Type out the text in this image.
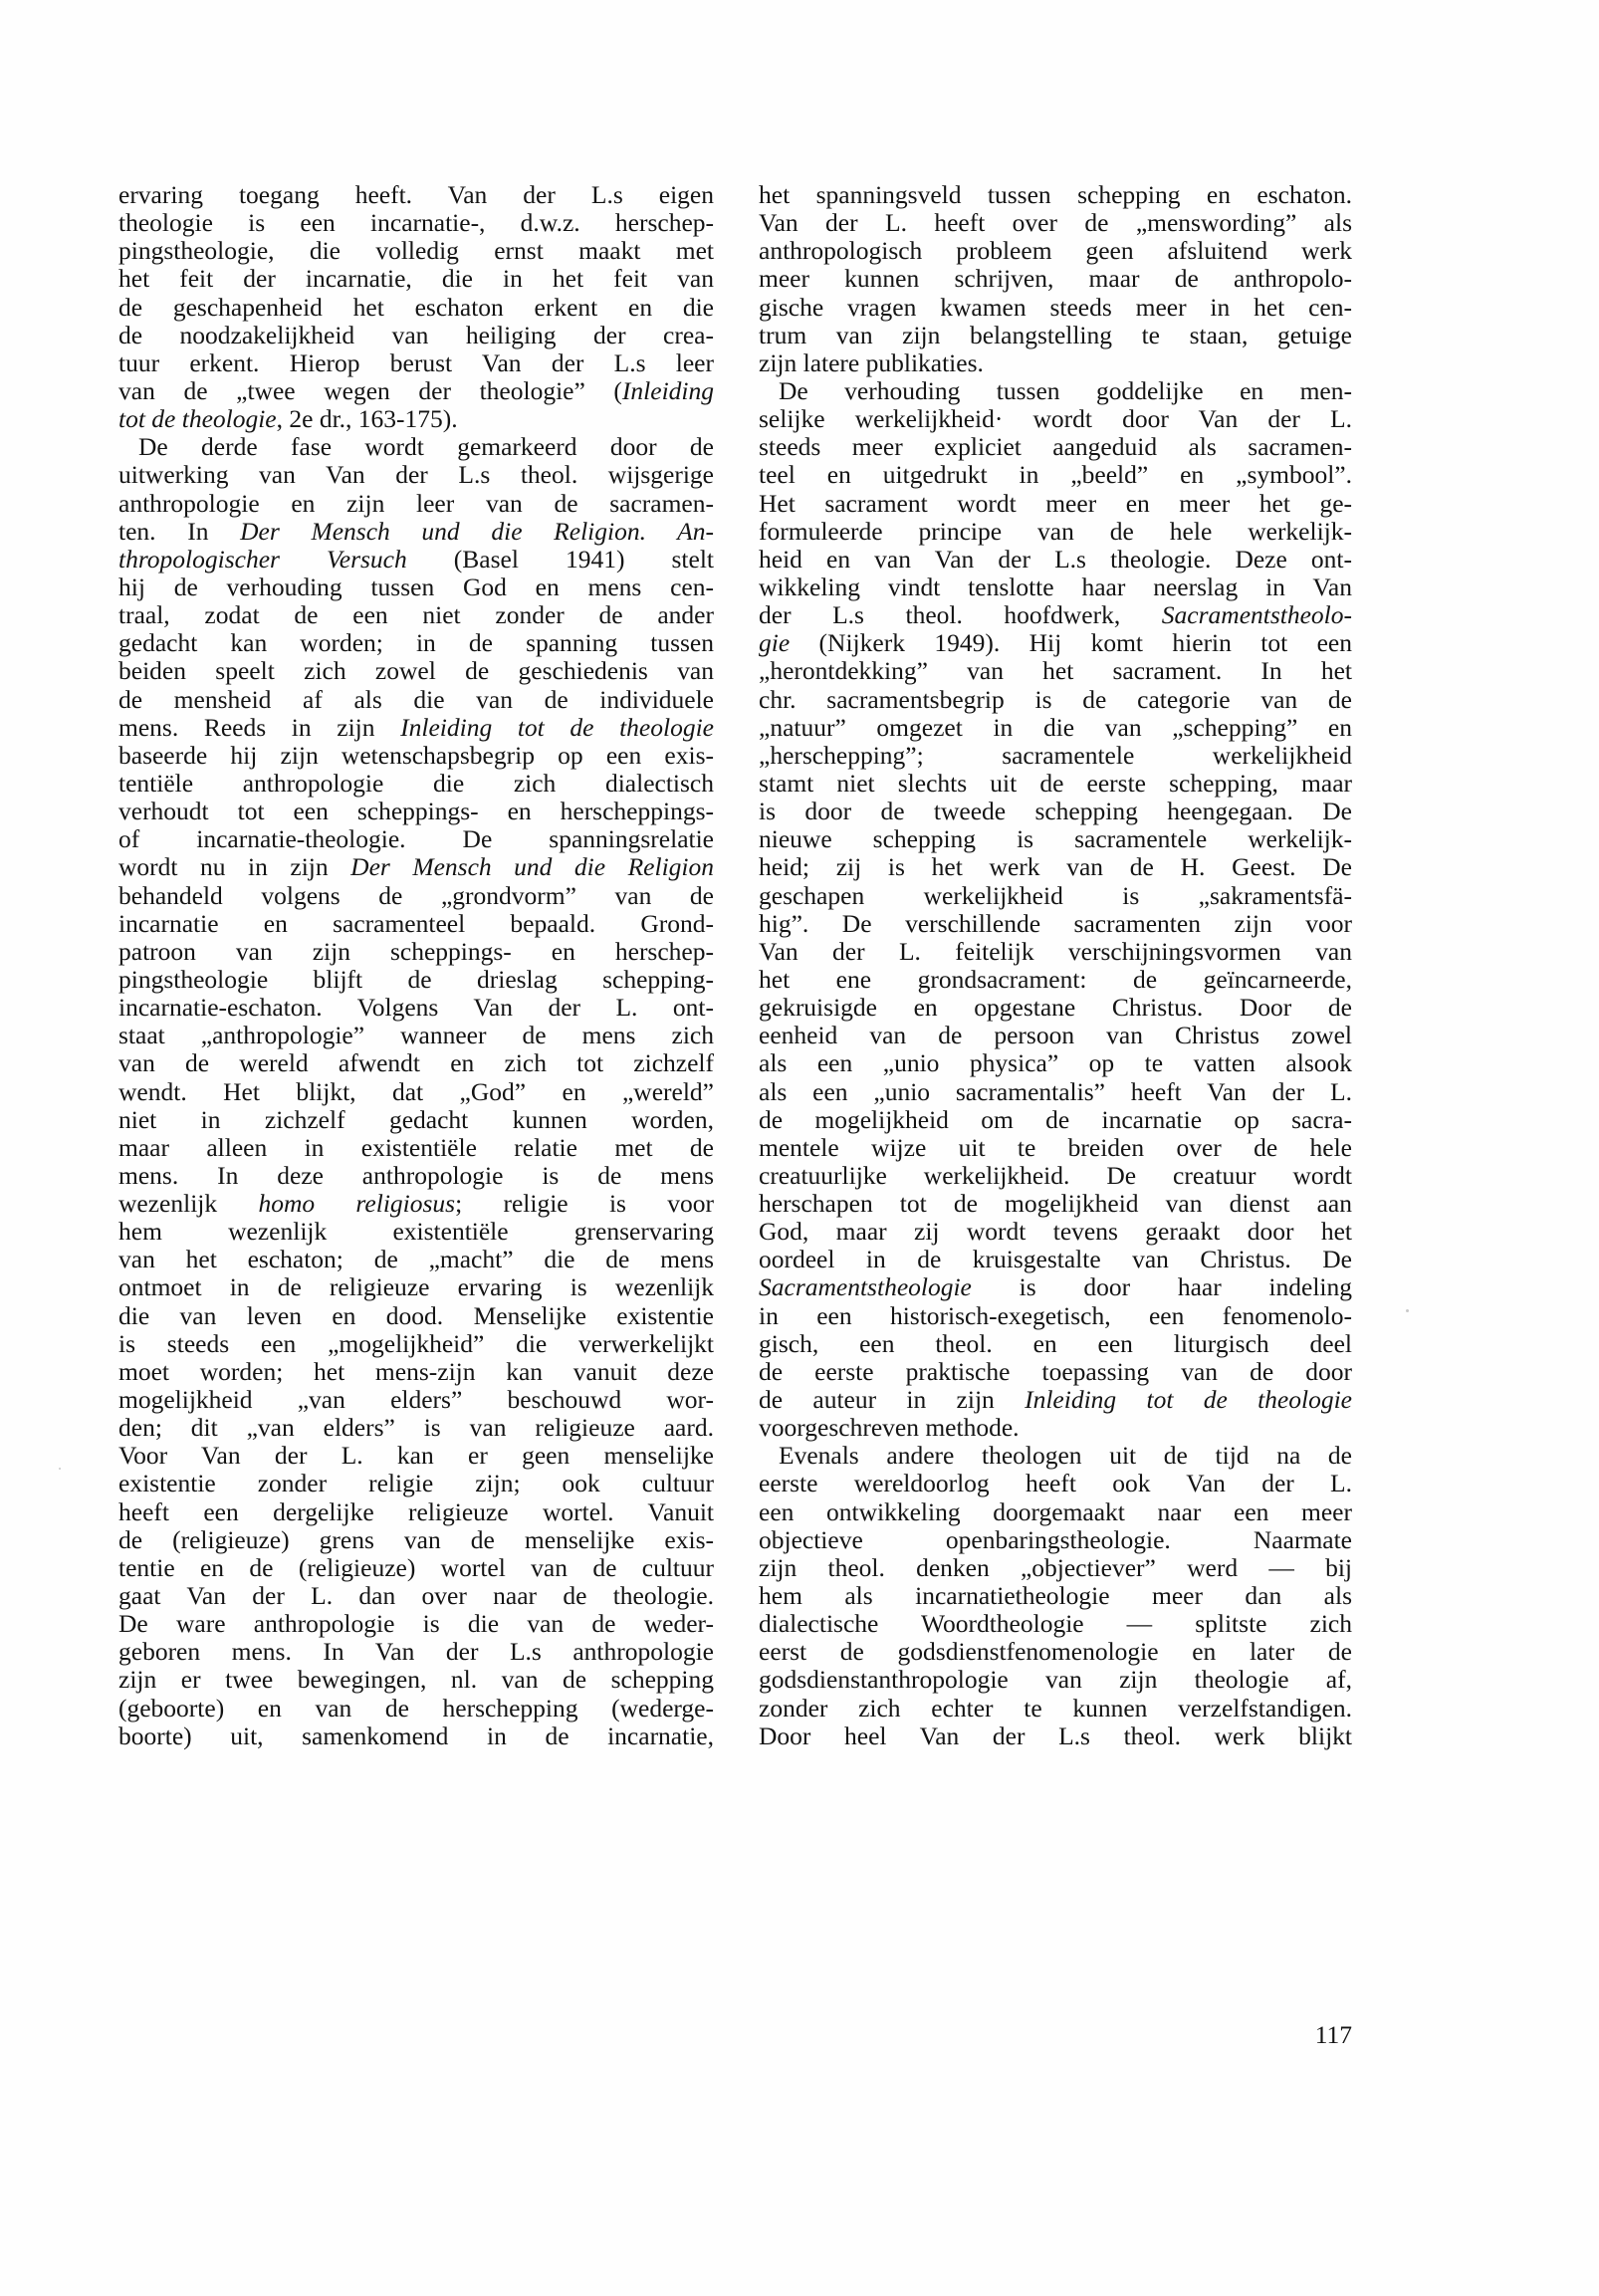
ervaring toegang heeft. Van der L.s eigen
theologie is een incarnatie-, d.w.z. herschep-
pingstheologie, die volledig ernst maakt met
het feit der incarnatie, die in het feit van
de geschapenheid het eschaton erkent en die
de noodzakelijkheid van heiliging der crea-
tuur erkent. Hierop berust Van der L.s leer
van de „twee wegen der theologie” (Inleiding
tot de theologie, 2e dr., 163-175).
De derde fase wordt gemarkeerd door de
uitwerking van Van der L.s theol. wijsgerige
anthropologie en zijn leer van de sacramen-
ten. In Der Mensch und die Religion. An-
thropologischer Versuch (Basel 1941) stelt
hij de verhouding tussen God en mens cen-
traal, zodat de een niet zonder de ander
gedacht kan worden; in de spanning tussen
beiden speelt zich zowel de geschiedenis van
de mensheid af als die van de individuele
mens. Reeds in zijn Inleiding tot de theologie
baseerde hij zijn wetenschapsbegrip op een exis-
tentiële anthropologie die zich dialectisch
verhoudt tot een scheppings- en herscheppings-
of incarnatie-theologie. De spanningsrelatie
wordt nu in zijn Der Mensch und die Religion
behandeld volgens de „grondvorm” van de
incarnatie en sacramenteel bepaald. Grond-
patroon van zijn scheppings- en herschep-
pingstheologie blijft de drieslag schepping-
incarnatie-eschaton. Volgens Van der L. ont-
staat „anthropologie” wanneer de mens zich
van de wereld afwendt en zich tot zichzelf
wendt. Het blijkt, dat „God” en „wereld”
niet in zichzelf gedacht kunnen worden,
maar alleen in existentiële relatie met de
mens. In deze anthropologie is de mens
wezenlijk homo religiosus; religie is voor
hem wezenlijk existentiële grenservaring
van het eschaton; de „macht” die de mens
ontmoet in de religieuze ervaring is wezenlijk
die van leven en dood. Menselijke existentie
is steeds een „mogelijkheid” die verwerkelijkt
moet worden; het mens-zijn kan vanuit deze
mogelijkheid „van elders” beschouwd wor-
den; dit „van elders” is van religieuze aard.
Voor Van der L. kan er geen menselijke
existentie zonder religie zijn; ook cultuur
heeft een dergelijke religieuze wortel. Vanuit
de (religieuze) grens van de menselijke exis-
tentie en de (religieuze) wortel van de cultuur
gaat Van der L. dan over naar de theologie.
De ware anthropologie is die van de weder-
geboren mens. In Van der L.s anthropologie
zijn er twee bewegingen, nl. van de schepping
(geboorte) en van de herschepping (wederge-
boorte) uit, samenkomend in de incarnatie,
het spanningsveld tussen schepping en eschaton.
Van der L. heeft over de „menswording” als
anthropologisch probleem geen afsluitend werk
meer kunnen schrijven, maar de anthropolo-
gische vragen kwamen steeds meer in het cen-
trum van zijn belangstelling te staan, getuige
zijn latere publikaties.
De verhouding tussen goddelijke en men-
selijke werkelijkheid· wordt door Van der L.
steeds meer expliciet aangeduid als sacramen-
teel en uitgedrukt in „beeld” en „symbool”.
Het sacrament wordt meer en meer het ge-
formuleerde principe van de hele werkelijk-
heid en van Van der L.s theologie. Deze ont-
wikkeling vindt tenslotte haar neerslag in Van
der L.s theol. hoofdwerk, Sacramentstheolo-
gie (Nijkerk 1949). Hij komt hierin tot een
„herontdekking” van het sacrament. In het
chr. sacramentsbegrip is de categorie van de
„natuur” omgezet in die van „schepping” en
„herschepping”; sacramentele werkelijkheid
stamt niet slechts uit de eerste schepping, maar
is door de tweede schepping heengegaan. De
nieuwe schepping is sacramentele werkelijk-
heid; zij is het werk van de H. Geest. De
geschapen werkelijkheid is „sakramentsfä-
hig”. De verschillende sacramenten zijn voor
Van der L. feitelijk verschijningsvormen van
het ene grondsacrament: de geïncarneerde,
gekruisigde en opgestane Christus. Door de
eenheid van de persoon van Christus zowel
als een „unio physica” op te vatten alsook
als een „unio sacramentalis” heeft Van der L.
de mogelijkheid om de incarnatie op sacra-
mentele wijze uit te breiden over de hele
creatuurlijke werkelijkheid. De creatuur wordt
herschapen tot de mogelijkheid van dienst aan
God, maar zij wordt tevens geraakt door het
oordeel in de kruisgestalte van Christus. De
Sacramentstheologie is door haar indeling
in een historisch-exegetisch, een fenomenolo-
gisch, een theol. en een liturgisch deel
de eerste praktische toepassing van de door
de auteur in zijn Inleiding tot de theologie
voorgeschreven methode.
Evenals andere theologen uit de tijd na de
eerste wereldoorlog heeft ook Van der L.
een ontwikkeling doorgemaakt naar een meer
objectieve openbaringstheologie. Naarmate
zijn theol. denken „objectiever” werd — bij
hem als incarnatietheologie meer dan als
dialectische Woordtheologie — splitste zich
eerst de godsdienstfenomenologie en later de
godsdienstanthropologie van zijn theologie af,
zonder zich echter te kunnen verzelfstandigen.
Door heel Van der L.s theol. werk blijkt
117
